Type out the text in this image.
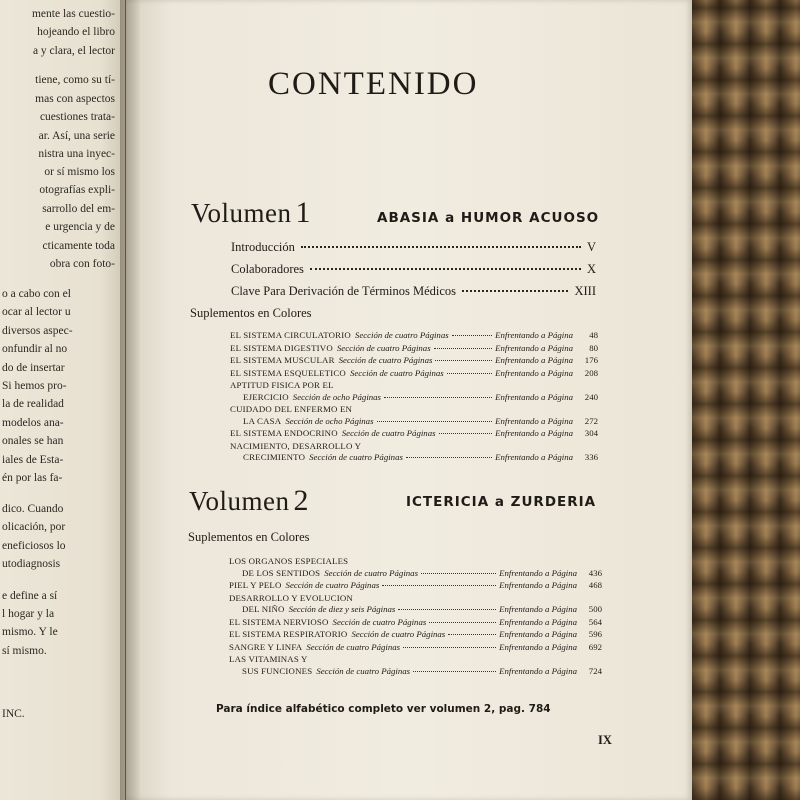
mente las cuestio-
hojeando el libro
a y clara, el lector
tiene, como su tí-
mas con aspectos
cuestiones trata-
ar. Así, una serie
nistra una inyec-
or sí mismo los
otografías expli-
sarrollo del em-
e urgencia y de
cticamente toda
obra con foto-
o a cabo con el
ocar al lector u
diversos aspec-
onfundir al no
do de insertar
Si hemos pro-
la de realidad
modelos ana-
onales se han
iales de Esta-
én por las fa-
dico. Cuando
olicación, por
eneficiosos lo
utodiagnosis
e define a sí
l hogar y la
mismo. Y le
sí mismo.
INC.
CONTENIDO
Volumen 1	ABASIA a HUMOR ACUOSO
Introducción	V
Colaboradores	X
Clave Para Derivación de Términos Médicos	XIII
Suplementos en Colores
EL SISTEMA CIRCULATORIO Sección de cuatro Páginas	Enfrentando a Página	48
EL SISTEMA DIGESTIVO Sección de cuatro Páginas	Enfrentando a Página	80
EL SISTEMA MUSCULAR Sección de cuatro Páginas	Enfrentando a Página	176
EL SISTEMA ESQUELETICO Sección de cuatro Páginas	Enfrentando a Página	208
APTITUD FISICA POR EL
EJERCICIO Sección de ocho Páginas	Enfrentando a Página	240
CUIDADO DEL ENFERMO EN
LA CASA Sección de ocho Páginas	Enfrentando a Página	272
EL SISTEMA ENDOCRINO Sección de cuatro Páginas	Enfrentando a Página	304
NACIMIENTO, DESARROLLO Y
CRECIMIENTO Sección de cuatro Páginas	Enfrentando a Página	336
Volumen 2	ICTERICIA a ZURDERIA
Suplementos en Colores
LOS ORGANOS ESPECIALES
DE LOS SENTIDOS Sección de cuatro Páginas	Enfrentando a Página	436
PIEL Y PELO Sección de cuatro Páginas	Enfrentando a Página	468
DESARROLLO Y EVOLUCION
DEL NIÑO Sección de diez y seis Páginas	Enfrentando a Página	500
EL SISTEMA NERVIOSO Sección de cuatro Páginas	Enfrentando a Página	564
EL SISTEMA RESPIRATORIO Sección de cuatro Páginas	Enfrentando a Página	596
SANGRE Y LINFA Sección de cuatro Páginas	Enfrentando a Página	692
LAS VITAMINAS Y
SUS FUNCIONES Sección de cuatro Páginas	Enfrentando a Página	724
Para índice alfabético completo ver volumen 2, pag. 784
IX
